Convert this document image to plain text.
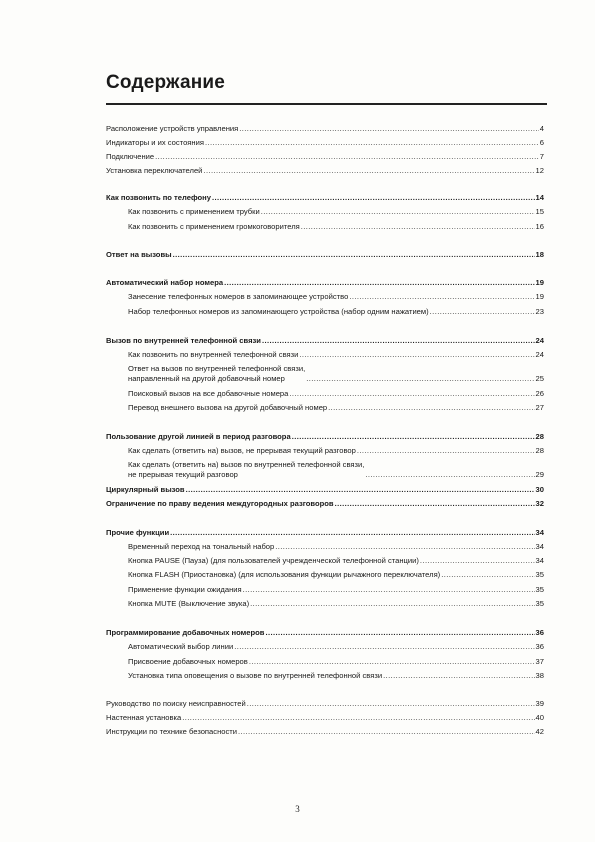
Содержание
Расположение устройств управления .....	4
Индикаторы и их состояния .....	6
Подключение .....	7
Установка переключателей .....	12
Как позвонить по телефону .....	14
Как позвонить с применением трубки .....	15
Как позвонить с применением громкоговорителя .....	16
Ответ на вызовы .....	18
Автоматический набор номера .....	19
Занесение телефонных номеров в запоминающее устройство .....	19
Набор телефонных номеров из запоминающего устройства (набор одним нажатием) .....	23
Вызов по внутренней телефонной связи .....	24
Как позвонить по внутренней телефонной связи .....	24
Ответ на вызов по внутренней телефонной связи,
направленный на другой добавочный номер .....	25
Поисковый вызов на все добавочные номера .....	26
Перевод внешнего вызова на другой добавочный номер .....	27
Пользование другой линией в период разговора .....	28
Как сделать (ответить на) вызов, не прерывая текущий разговор .....	28
Как сделать (ответить на) вызов по внутренней телефонной связи,
не прерывая текущий разговор .....	29
Циркулярный вызов .....	30
Ограничение по праву ведения междугородных разговоров .....	32
Прочие функции .....	34
Временный переход на тональный набор .....	34
Кнопка PAUSE (Пауза) (для пользователей учрежденческой телефонной станции) .....	34
Кнопка FLASH (Приостановка) (для использования функции рычажного переключателя) .....	35
Применение функции ожидания .....	35
Кнопка MUTE (Выключение звука) .....	35
Программирование добавочных номеров .....	36
Автоматический выбор линии .....	36
Присвоение добавочных номеров .....	37
Установка типа оповещения о вызове по внутренней телефонной связи .....	38
Руководство по поиску неисправностей .....	39
Настенная установка .....	40
Инструкции по технике безопасности .....	42
3
